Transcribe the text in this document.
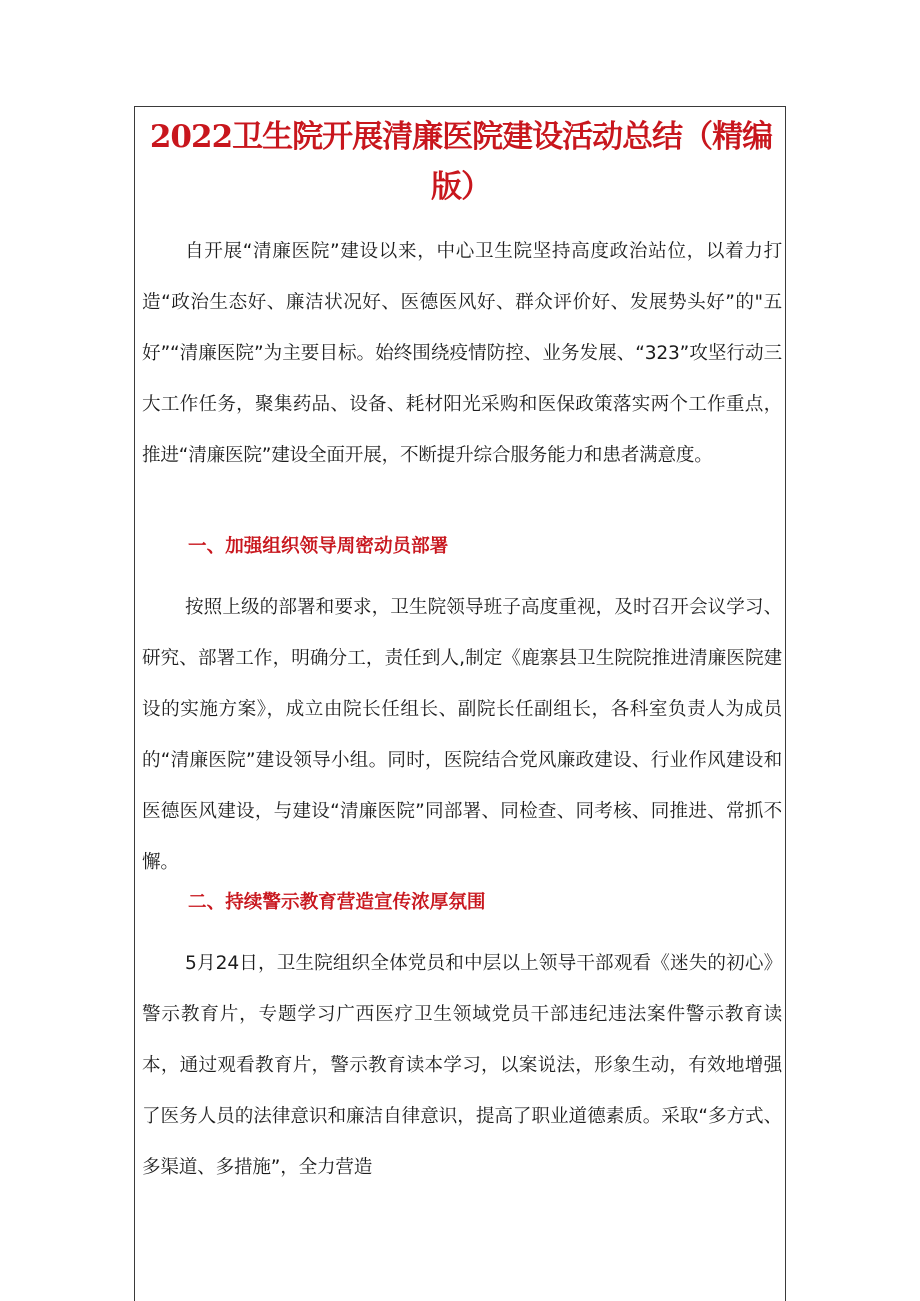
2022卫生院开展清廉医院建设活动总结（精编版）

自开展“清廉医院”建设以来，中心卫生院坚持高度政治站位，以着力打造“政治生态好、廉洁状况好、医德医风好、群众评价好、发展势头好”的"五好”“清廉医院”为主要目标。始终围绕疫情防控、业务发展、“323”攻坚行动三大工作任务，聚集药品、设备、耗材阳光采购和医保政策落实两个工作重点，推进“清廉医院”建设全面开展，不断提升综合服务能力和患者满意度。

一、加强组织领导周密动员部署

按照上级的部署和要求，卫生院领导班子高度重视，及时召开会议学习、研究、部署工作，明确分工，责任到人,制定《鹿寨县卫生院院推进清廉医院建设的实施方案》，成立由院长任组长、副院长任副组长，各科室负责人为成员的“清廉医院”建设领导小组。同时，医院结合党风廉政建设、行业作风建设和医德医风建设，与建设“清廉医院”同部署、同检查、同考核、同推进、常抓不懈。

二、持续警示教育营造宣传浓厚氛围

5月24日，卫生院组织全体党员和中层以上领导干部观看《迷失的初心》警示教育片，专题学习广西医疗卫生领域党员干部违纪违法案件警示教育读本，通过观看教育片，警示教育读本学习，以案说法，形象生动，有效地增强了医务人员的法律意识和廉洁自律意识，提高了职业道德素质。采取“多方式、多渠道、多措施”，全力营造
